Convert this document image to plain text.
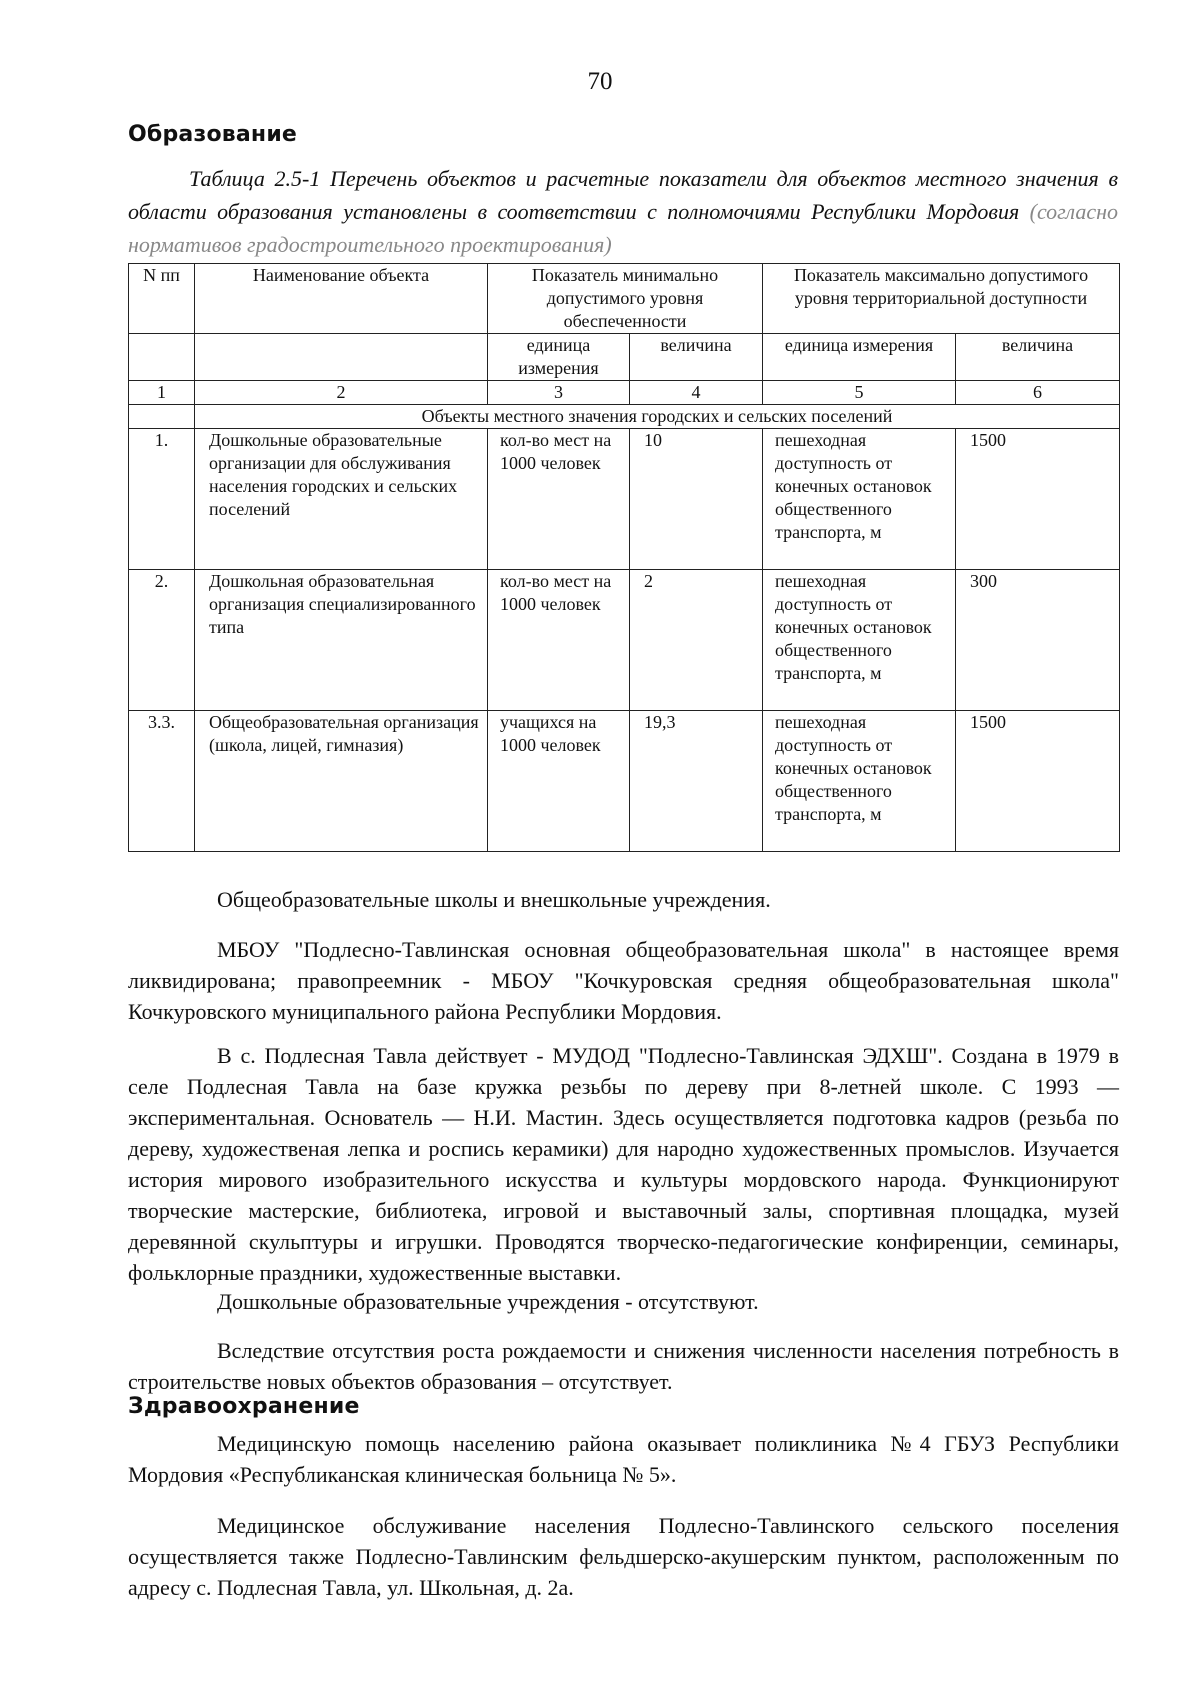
70
Образование
Таблица 2.5-1 Перечень объектов и расчетные показатели для объектов местного значения в области образования установлены в соответствии с полномочиями Республики Мордовия (согласно нормативов градостроительного проектирования)
N пп	Наименование объекта	Показатель минимально допустимого уровня обеспеченности		Показатель максимально допустимого уровня территориальной доступности	
		единица измерения	величина	единица измерения	величина
1	2	3	4	5	6
	Объекты местного значения городских и сельских поселений				
1.	Дошкольные образовательные организации для обслуживания населения городских и сельских поселений	кол-во мест на 1000 человек	10	пешеходная доступность от конечных остановок общественного транспорта, м	1500
2.	Дошкольная образовательная организация специализированного типа	кол-во мест на 1000 человек	2	пешеходная доступность от конечных остановок общественного транспорта, м	300
3.3.	Общеобразовательная организация (школа, лицей, гимназия)	учащихся на 1000 человек	19,3	пешеходная доступность от конечных остановок общественного транспорта, м	1500
Общеобразовательные школы и внешкольные учреждения.
МБОУ "Подлесно-Тавлинская основная общеобразовательная школа" в настоящее время ликвидирована; правопреемник - МБОУ "Кочкуровская средняя общеобразовательная школа" Кочкуровского муниципального района Республики Мордовия.
В с. Подлесная Тавла действует - МУДОД "Подлесно-Тавлинская ЭДХШ". Создана в 1979 в селе Подлесная Тавла на базе кружка резьбы по дереву при 8-летней школе. С 1993 — экспериментальная. Основатель — Н.И. Мастин. Здесь осуществляется подготовка кадров (резьба по дереву, художественая лепка и роспись керамики) для народно художественных промыслов. Изучается история мирового изобразительного искусства и культуры мордовского народа. Функционируют творческие мастерские, библиотека, игровой и выставочный залы, спортивная площадка, музей деревянной скульптуры и игрушки. Проводятся творческо-педагогические конфиренции, семинары, фольклорные праздники, художественные выставки.
Дошкольные образовательные учреждения - отсутствуют.
Вследствие отсутствия роста рождаемости и снижения численности населения потребность в строительстве новых объектов образования – отсутствует.
Здравоохранение
Медицинскую помощь населению района оказывает поликлиника №4 ГБУЗ Республики Мордовия «Республиканская клиническая больница № 5».
Медицинское обслуживание населения Подлесно-Тавлинского сельского поселения осуществляется также Подлесно-Тавлинским фельдшерско-акушерским пунктом, расположенным по адресу с. Подлесная Тавла, ул. Школьная, д. 2а.
